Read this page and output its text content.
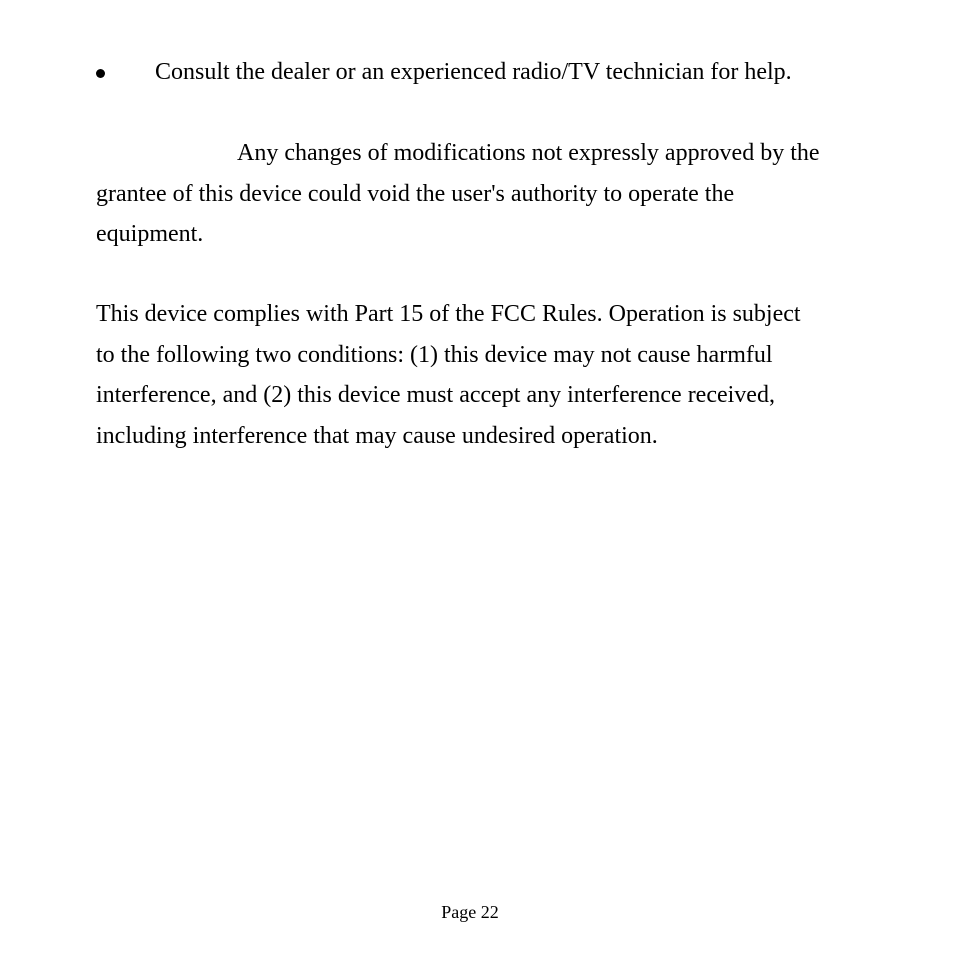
Consult the dealer or an experienced radio/TV technician for help.
Any changes of modifications not expressly approved by the
grantee of this device could void the user's authority to operate the
equipment.
This device complies with Part 15 of the FCC Rules. Operation is subject
to the following two conditions: (1) this device may not cause harmful
interference, and (2) this device must accept any interference received,
including interference that may cause undesired operation.
Page 22
